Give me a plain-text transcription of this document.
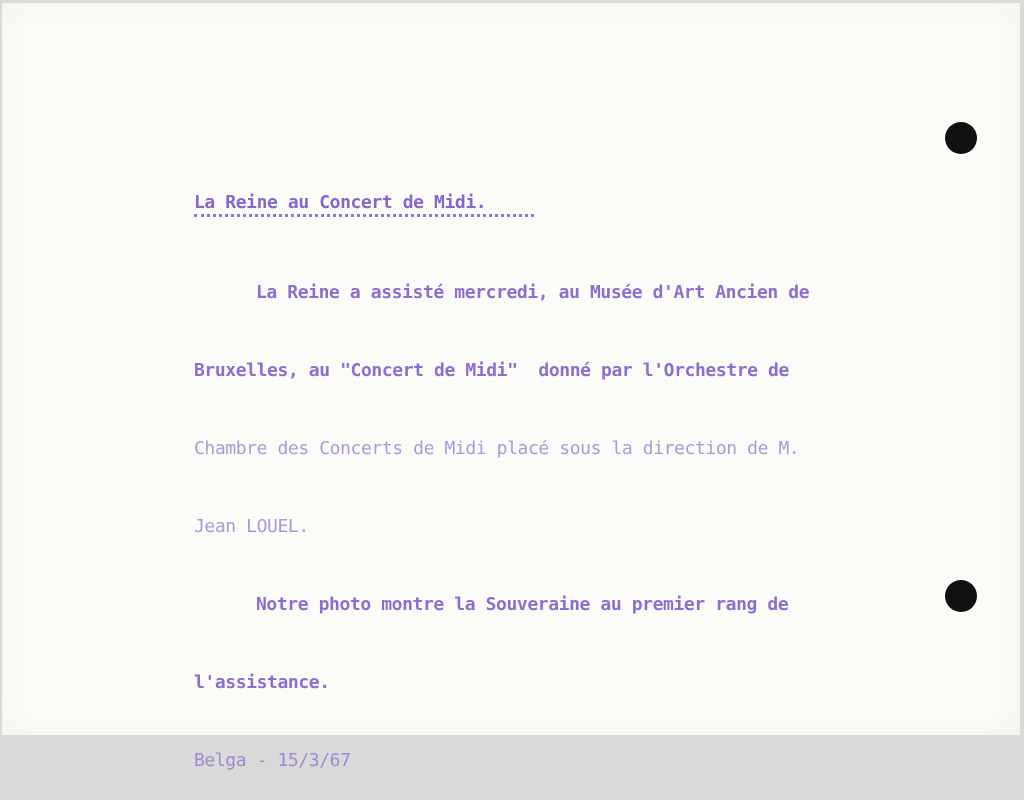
La Reine au Concert de Midi.

La Reine a assisté mercredi, au Musée d'Art Ancien de

Bruxelles, au "Concert de Midi"  donné par l'Orchestre de

Chambre des Concerts de Midi placé sous la direction de M.

Jean LOUEL.

Notre photo montre la Souveraine au premier rang de

l'assistance.

Belga - 15/3/67
